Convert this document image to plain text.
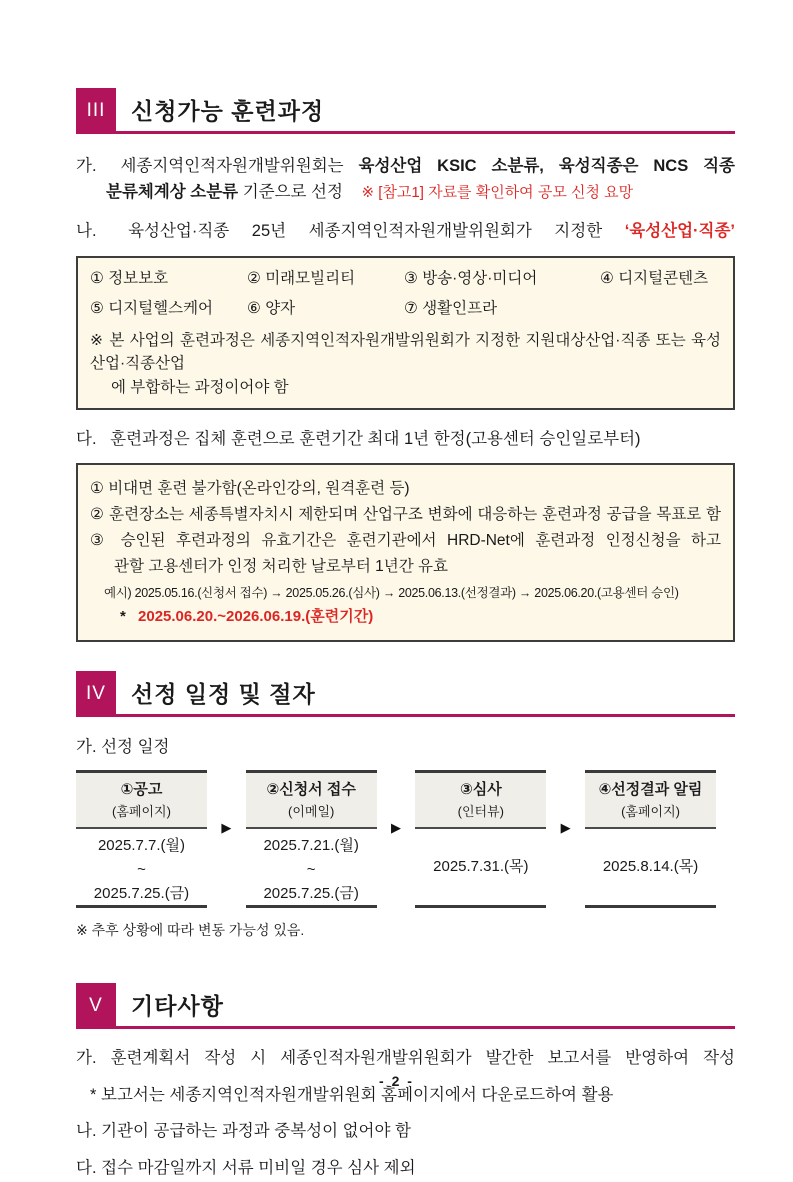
III	신청가능 훈련과정
가. 세종지역인적자원개발위원회는 육성산업 KSIC 소분류, 육성직종은 NCS 직종
분류체계상 소분류 기준으로 선정 ※ [참고1] 자료를 확인하여 공모 신청 요망
나. 육성산업·직종 25년 세종지역인적자원개발위원회가 지정한 ‘육성산업·직종’
① 정보보호	② 미래모빌리티	③ 방송·영상·미디어	④ 디지털콘텐츠
⑤ 디지털헬스케어	⑥ 양자	⑦ 생활인프라
※ 본 사업의 훈련과정은 세종지역인적자원개발위원회가 지정한 지원대상산업·직종 또는 육성산업·직종산업
에 부합하는 과정이어야 함
다. 훈련과정은 집체 훈련으로 훈련기간 최대 1년 한정(고용센터 승인일로부터)
① 비대면 훈련 불가함(온라인강의, 원격훈련 등)
② 훈련장소는 세종특별자치시 제한되며 산업구조 변화에 대응하는 훈련과정 공급을 목표로 함
③ 승인된 후련과정의 유효기간은 훈련기관에서 HRD-Net에 훈련과정 인정신청을 하고
관할 고용센터가 인정 처리한 날로부터 1년간 유효
예시) 2025.05.16.(신청서 접수) → 2025.05.26.(심사) → 2025.06.13.(선정결과) → 2025.06.20.(고용센터 승인)
* 2025.06.20.~2026.06.19.(훈련기간)
IV	선정 일정 및 절자
가. 선정 일정
①공고
(홈페이지)
2025.7.7.(월)
~
2025.7.25.(금)
▶
②신청서 접수
(이메일)
2025.7.21.(월)
~
2025.7.25.(금)
▶
③심사
(인터뷰)
2025.7.31.(목)
▶
④선정결과 알림
(홈페이지)
2025.8.14.(목)
※ 추후 상황에 따라 변동 가능성 있음.
V	기타사항
가. 훈련계획서 작성 시 세종인적자원개발위원회가 발간한 보고서를 반영하여 작성
* 보고서는 세종지역인적자원개발위원회 홈페이지에서 다운로드하여 활용
나. 기관이 공급하는 과정과 중복성이 없어야 함
다. 접수 마감일까지 서류 미비일 경우 심사 제외
- 2 -
